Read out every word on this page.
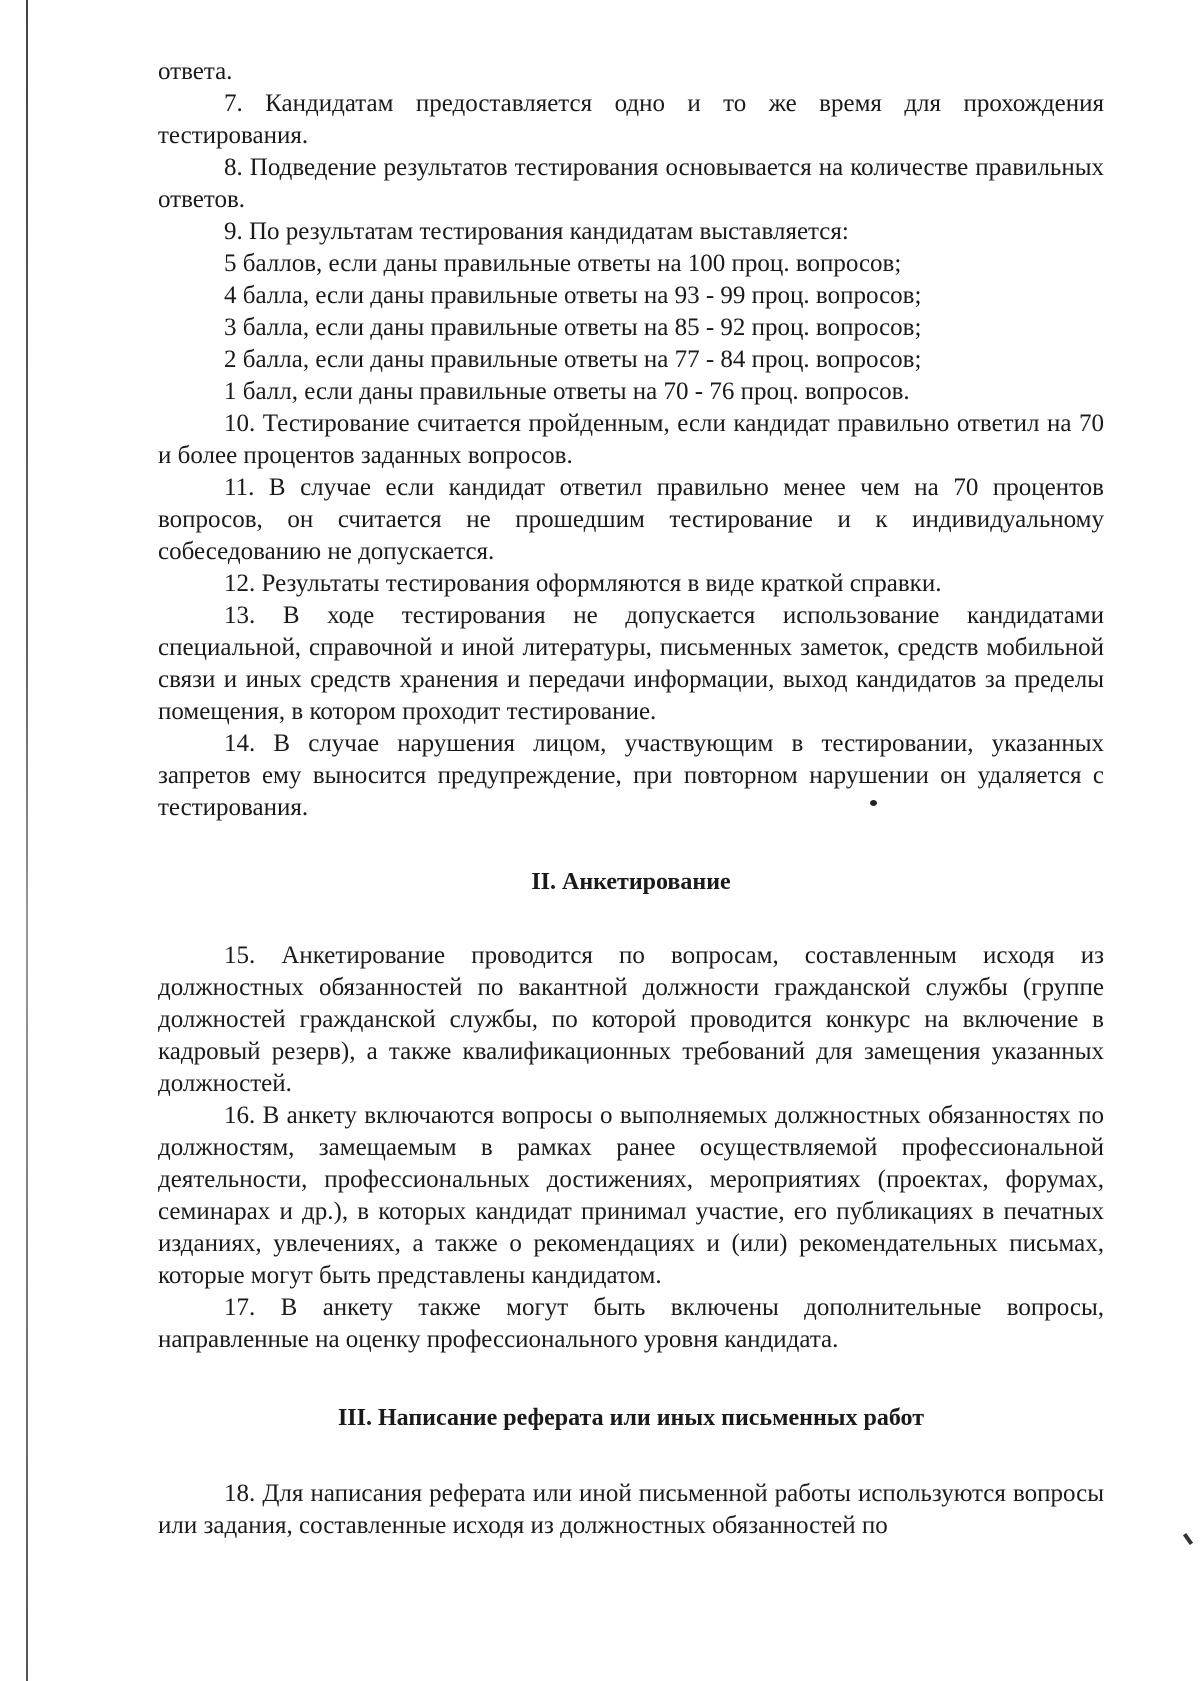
ответа.

7. Кандидатам предоставляется одно и то же время для прохождения тестирования.

8. Подведение результатов тестирования основывается на количестве правильных ответов.

9. По результатам тестирования кандидатам выставляется:

5 баллов, если даны правильные ответы на 100 проц. вопросов;

4 балла, если даны правильные ответы на 93 - 99 проц. вопросов;

3 балла, если даны правильные ответы на 85 - 92 проц. вопросов;

2 балла, если даны правильные ответы на 77 - 84 проц. вопросов;

1 балл, если даны правильные ответы на 70 - 76 проц. вопросов.

10. Тестирование считается пройденным, если кандидат правильно ответил на 70 и более процентов заданных вопросов.

11. В случае если кандидат ответил правильно менее чем на 70 процентов вопросов, он считается не прошедшим тестирование и к индивидуальному собеседованию не допускается.

12. Результаты тестирования оформляются в виде краткой справки.

13. В ходе тестирования не допускается использование кандидатами специальной, справочной и иной литературы, письменных заметок, средств мобильной связи и иных средств хранения и передачи информации, выход кандидатов за пределы помещения, в котором проходит тестирование.

14. В случае нарушения лицом, участвующим в тестировании, указанных запретов ему выносится предупреждение, при повторном нарушении он удаляется с тестирования.

II. Анкетирование

15. Анкетирование проводится по вопросам, составленным исходя из должностных обязанностей по вакантной должности гражданской службы (группе должностей гражданской службы, по которой проводится конкурс на включение в кадровый резерв), а также квалификационных требований для замещения указанных должностей.

16. В анкету включаются вопросы о выполняемых должностных обязанностях по должностям, замещаемым в рамках ранее осуществляемой профессиональной деятельности, профессиональных достижениях, мероприятиях (проектах, форумах, семинарах и др.), в которых кандидат принимал участие, его публикациях в печатных изданиях, увлечениях, а также о рекомендациях и (или) рекомендательных письмах, которые могут быть представлены кандидатом.

17. В анкету также могут быть включены дополнительные вопросы, направленные на оценку профессионального уровня кандидата.

III. Написание реферата или иных письменных работ

18. Для написания реферата или иной письменной работы используются вопросы или задания, составленные исходя из должностных обязанностей по
